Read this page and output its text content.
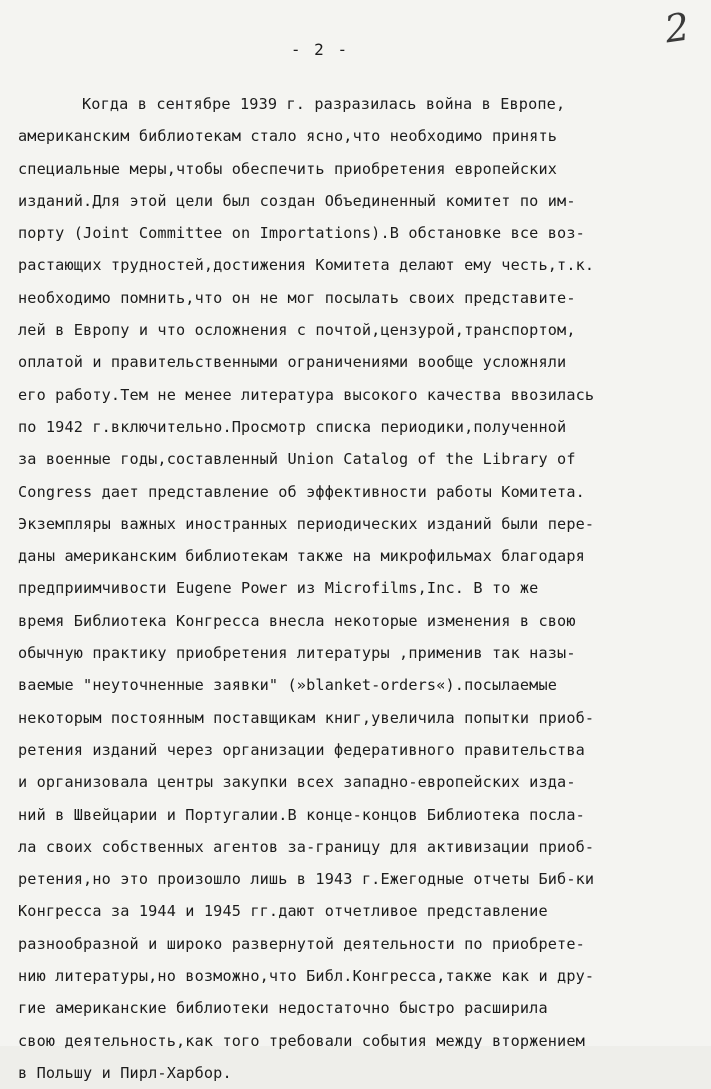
2
- 2 -
Когда в сентябре 1939 г. разразилась война в Европе,
американским библиотекам стало ясно,что необходимо принять
специальные меры,чтобы обеспечить приобретения европейских
изданий.Для этой цели был создан Объединенный комитет по им-
порту (Joint Committee on Importations).В обстановке все воз-
растающих трудностей,достижения Комитета делают ему честь,т.к.
необходимо помнить,что он не мог посылать своих представите-
лей в Европу и что осложнения с почтой,цензурой,транспортом,
оплатой и правительственными ограничениями вообще усложняли
его работу.Тем не менее литература высокого качества ввозилась
по 1942 г.включительно.Просмотр списка периодики,полученной
за военные годы,составленный Union Catalog of the Library of
Congress дает представление об эффективности работы Комитета.
Экземпляры важных иностранных периодических изданий были пере-
даны американским библиотекам также на микрофильмах благодаря
предприимчивости Eugene Power из Microfilms,Inc. В то же
время Библиотека Конгресса внесла некоторые изменения в свою
обычную практику приобретения литературы ,применив так назы-
ваемые "неуточненные заявки" (»blanket-orders«).посылаемые
некоторым постоянным поставщикам книг,увеличила попытки приоб-
ретения изданий через организации федеративного правительства
и организовала центры закупки всех западно-европейских изда-
ний в Швейцарии и Португалии.В конце-концов Библиотека посла-
ла своих собственных агентов за-границу для активизации приоб-
ретения,но это произошло лишь в 1943 г.Ежегодные отчеты Биб-ки
Конгресса за 1944 и 1945 гг.дают отчетливое представление
разнообразной и широко развернутой деятельности по приобрете-
нию литературы,но возможно,что Библ.Конгресса,также как и дру-
гие американские библиотеки недостаточно быстро расширила
свою деятельность,как того требовали события между вторжением
в Польшу и Пирл-Харбор.
